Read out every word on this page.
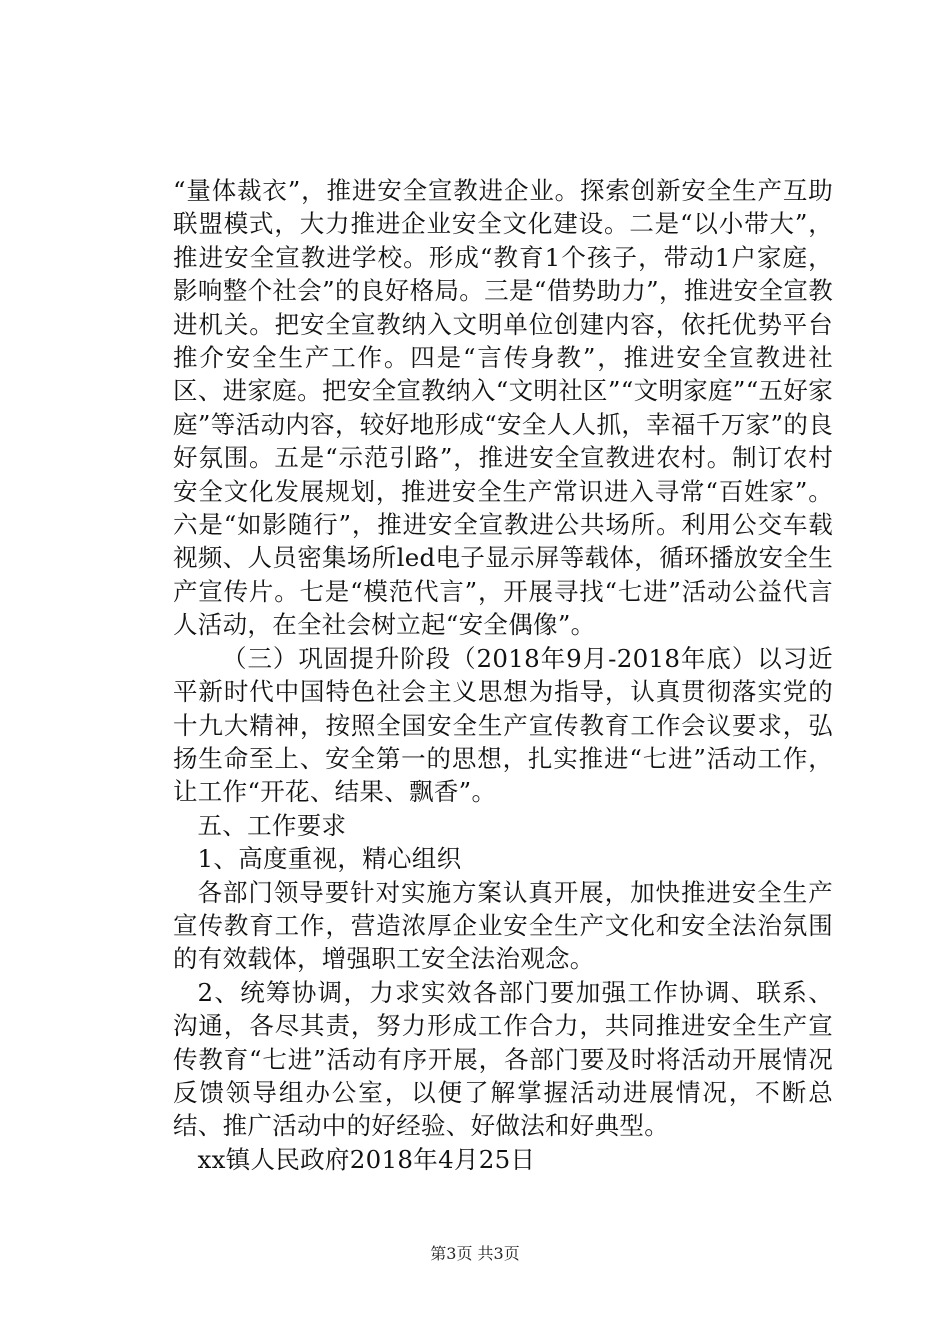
“量体裁衣”，推进安全宣教进企业。探索创新安全生产互助联盟模式，大力推进企业安全文化建设。二是“以小带大”，推进安全宣教进学校。形成“教育1个孩子，带动1户家庭，影响整个社会”的良好格局。三是“借势助力”，推进安全宣教进机关。把安全宣教纳入文明单位创建内容，依托优势平台推介安全生产工作。四是“言传身教”，推进安全宣教进社区、进家庭。把安全宣教纳入“文明社区”“文明家庭”“五好家庭”等活动内容，较好地形成“安全人人抓，幸福千万家”的良好氛围。五是“示范引路”，推进安全宣教进农村。制订农村安全文化发展规划，推进安全生产常识进入寻常“百姓家”。六是“如影随行”，推进安全宣教进公共场所。利用公交车载视频、人员密集场所led电子显示屏等载体，循环播放安全生产宣传片。七是“模范代言”，开展寻找“七进”活动公益代言人活动，在全社会树立起“安全偶像”。

（三）巩固提升阶段（2018年9月-2018年底）以习近平新时代中国特色社会主义思想为指导，认真贯彻落实党的十九大精神，按照全国安全生产宣传教育工作会议要求，弘扬生命至上、安全第一的思想，扎实推进“七进”活动工作，让工作“开花、结果、飘香”。

五、工作要求

1、高度重视，精心组织

各部门领导要针对实施方案认真开展，加快推进安全生产宣传教育工作，营造浓厚企业安全生产文化和安全法治氛围的有效载体，增强职工安全法治观念。

2、统筹协调，力求实效各部门要加强工作协调、联系、沟通，各尽其责，努力形成工作合力，共同推进安全生产宣传教育“七进”活动有序开展，各部门要及时将活动开展情况反馈领导组办公室，以便了解掌握活动进展情况，不断总结、推广活动中的好经验、好做法和好典型。

xx镇人民政府2018年4月25日

第3页 共3页
